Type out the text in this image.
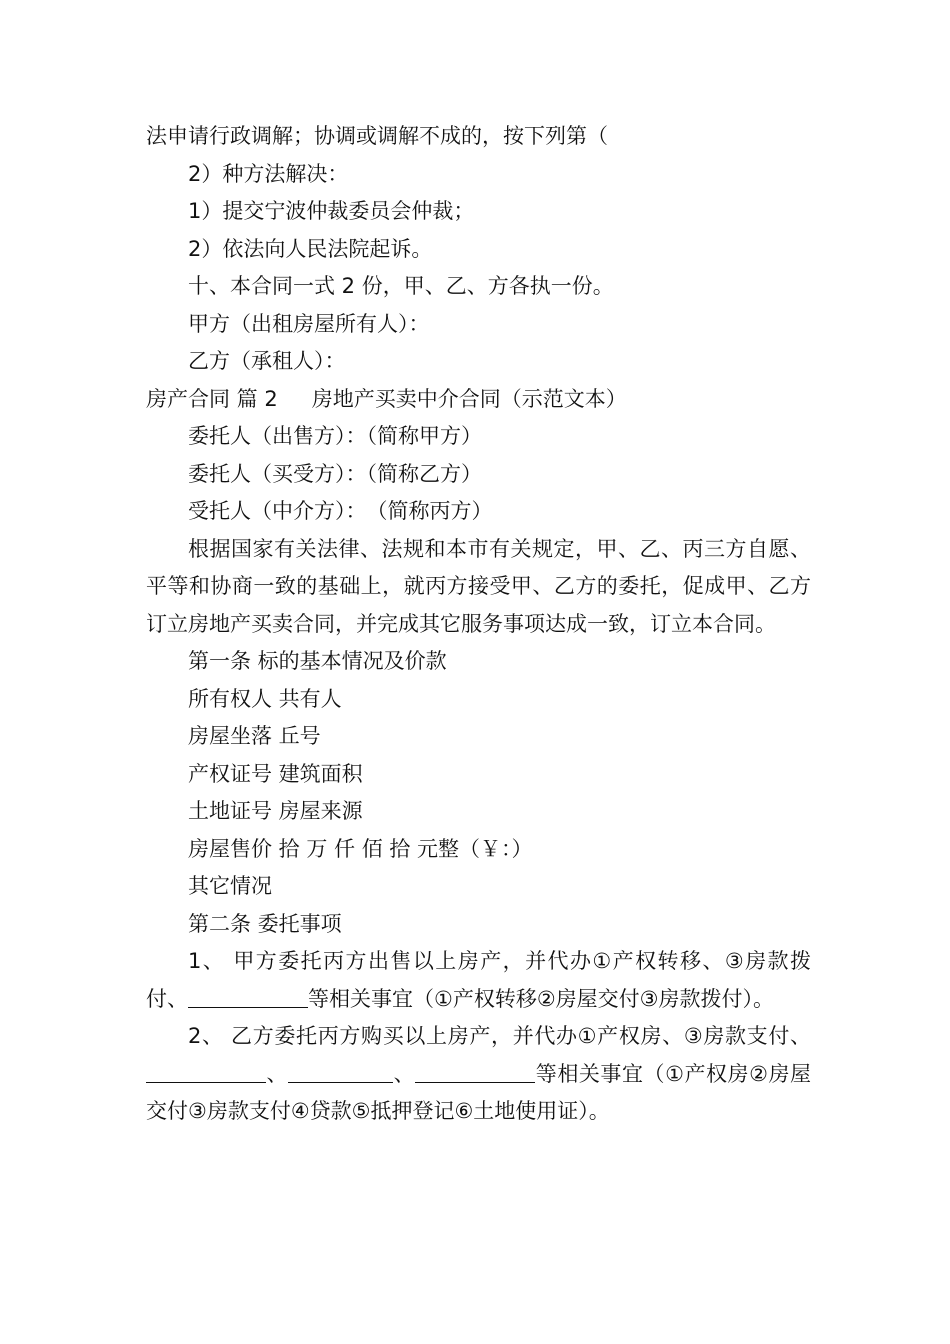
法申请行政调解；协调或调解不成的，按下列第（

2）种方法解决：

1）提交宁波仲裁委员会仲裁；

2）依法向人民法院起诉。

十、本合同一式 2 份，甲、乙、方各执一份。

甲方（出租房屋所有人）：

乙方（承租人）：

房产合同 篇 2 房地产买卖中介合同（示范文本）

委托人（出售方）：（简称甲方）

委托人（买受方）：（简称乙方）

受托人（中介方）：　（简称丙方）

根据国家有关法律、法规和本市有关规定，甲、乙、丙三方自愿、平等和协商一致的基础上，就丙方接受甲、乙方的委托，促成甲、乙方订立房地产买卖合同，并完成其它服务事项达成一致，订立本合同。

第一条 标的基本情况及价款

所有权人 共有人

房屋坐落 丘号

产权证号 建筑面积

土地证号 房屋来源

房屋售价 拾 万 仟 佰 拾 元整（￥：）

其它情况

第二条 委托事项

1、 甲方委托丙方出售以上房产，并代办①产权转移、③房款拨付、	等相关事宜（①产权转移②房屋交付③房款拨付）。

2、 乙方委托丙方购买以上房产，并代办①产权房、③房款支付、、	、	等相关事宜（①产权房②房屋交付③房款支付④贷款⑤抵押登记⑥土地使用证）。
